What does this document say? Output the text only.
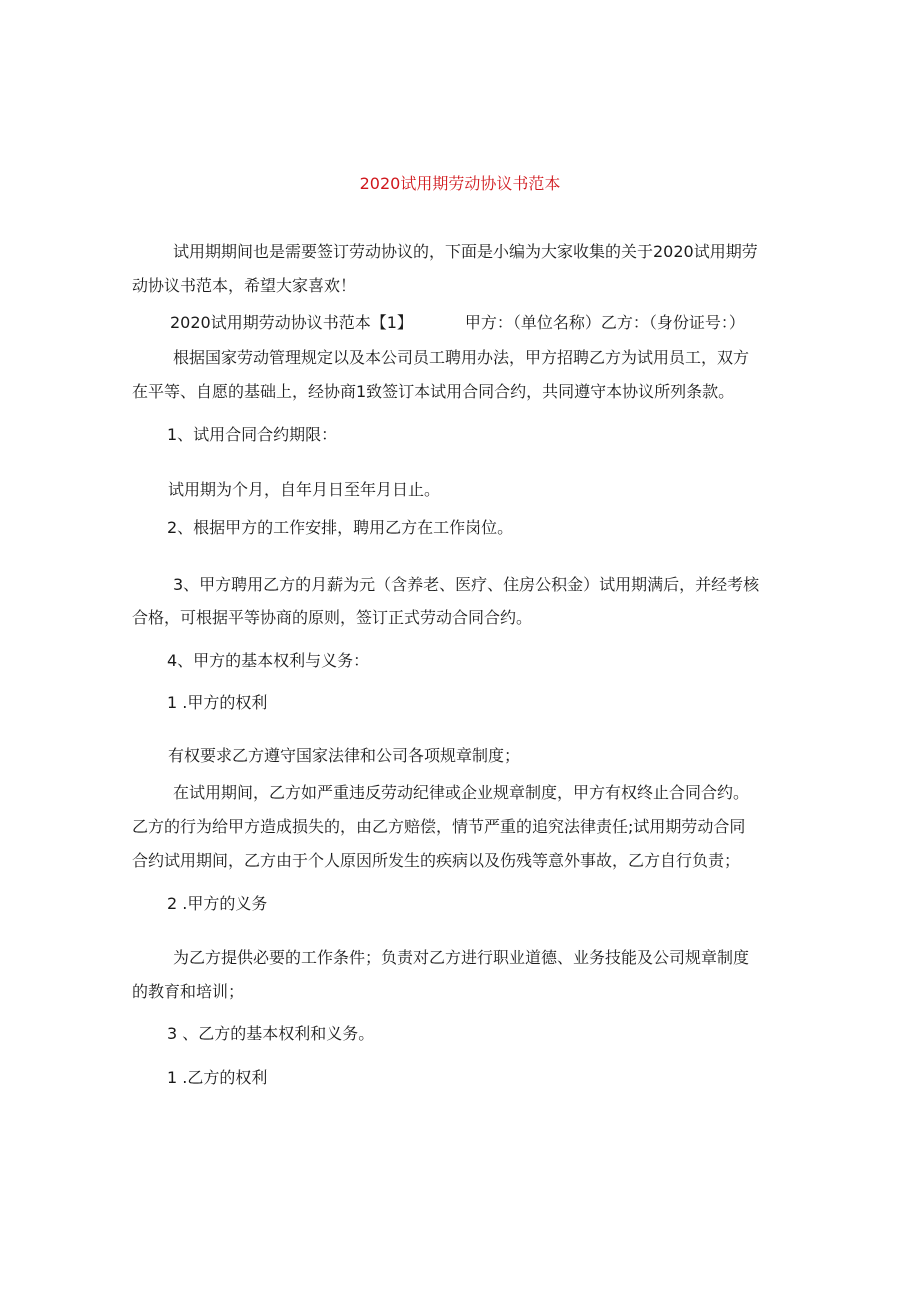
2020试用期劳动协议书范本
试用期期间也是需要签订劳动协议的，下面是小编为大家收集的关于2020试用期劳
动协议书范本，希望大家喜欢！
2020试用期劳动协议书范本【1】	甲方：（单位名称）乙方：（身份证号：）
根据国家劳动管理规定以及本公司员工聘用办法，甲方招聘乙方为试用员工，双方
在平等、自愿的基础上，经协商1致签订本试用合同合约，共同遵守本协议所列条款。
1、试用合同合约期限：
试用期为个月，自年月日至年月日止。
2、根据甲方的工作安排，聘用乙方在工作岗位。
3、甲方聘用乙方的月薪为元（含养老、医疗、住房公积金）试用期满后，并经考核
合格，可根据平等协商的原则，签订正式劳动合同合约。
4、甲方的基本权利与义务：
1 .甲方的权利
有权要求乙方遵守国家法律和公司各项规章制度；
在试用期间，乙方如严重违反劳动纪律或企业规章制度，甲方有权终止合同合约。
乙方的行为给甲方造成损失的，由乙方赔偿，情节严重的追究法律责任;试用期劳动合同
合约试用期间，乙方由于个人原因所发生的疾病以及伤残等意外事故，乙方自行负责；
2 .甲方的义务
为乙方提供必要的工作条件；负责对乙方进行职业道德、业务技能及公司规章制度
的教育和培训；
3 、乙方的基本权利和义务。
1 .乙方的权利
